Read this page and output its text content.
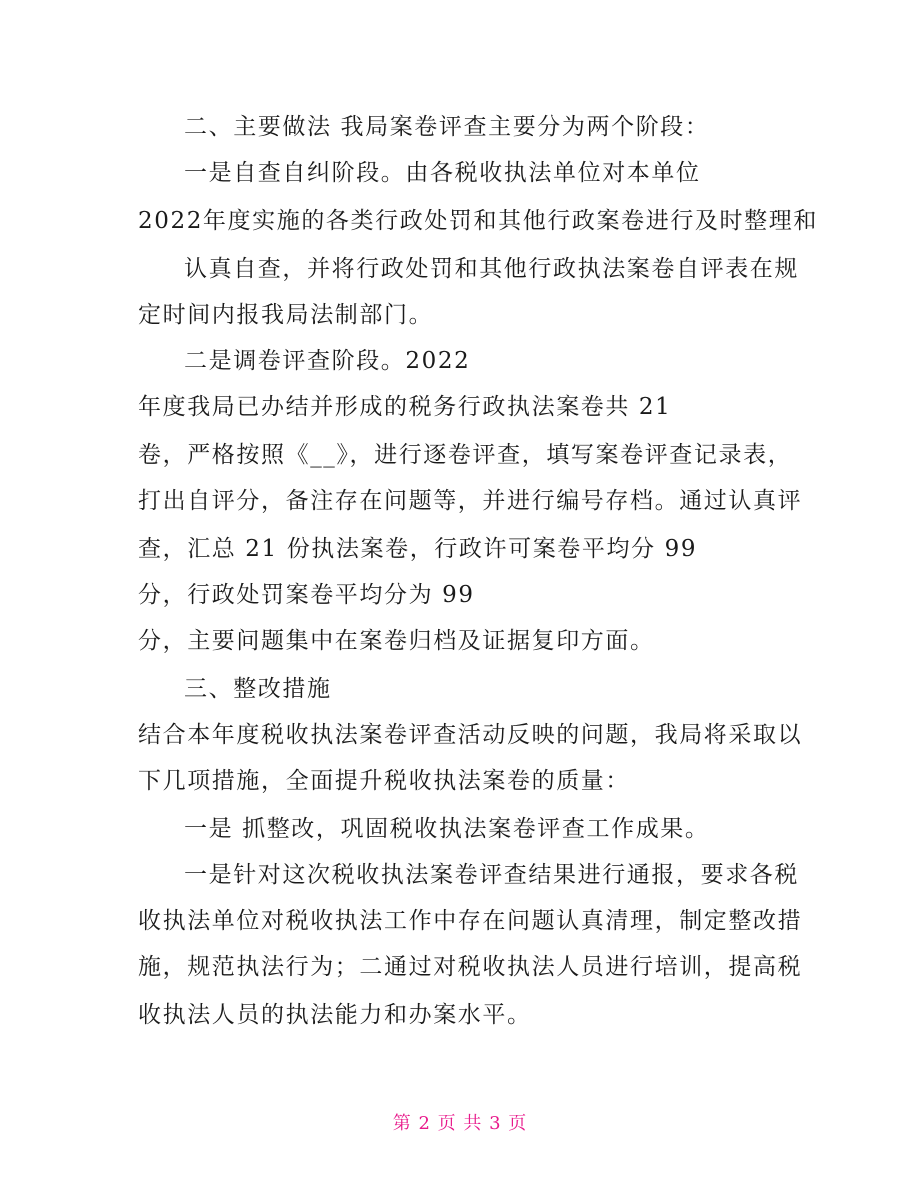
二、主要做法 我局案卷评查主要分为两个阶段：
一是自查自纠阶段。由各税收执法单位对本单位
2022年度实施的各类行政处罚和其他行政案卷进行及时整理和
认真自查，并将行政处罚和其他行政执法案卷自评表在规
定时间内报我局法制部门。
二是调卷评查阶段。2022
年度我局已办结并形成的税务行政执法案卷共 21
卷，严格按照《__》，进行逐卷评查，填写案卷评查记录表，
打出自评分，备注存在问题等，并进行编号存档。通过认真评
查，汇总 21 份执法案卷，行政许可案卷平均分 99
分，行政处罚案卷平均分为 99
分，主要问题集中在案卷归档及证据复印方面。
三、整改措施
结合本年度税收执法案卷评查活动反映的问题，我局将采取以
下几项措施，全面提升税收执法案卷的质量：
一是 抓整改，巩固税收执法案卷评查工作成果。
一是针对这次税收执法案卷评查结果进行通报，要求各税
收执法单位对税收执法工作中存在问题认真清理，制定整改措
施，规范执法行为；二通过对税收执法人员进行培训，提高税
收执法人员的执法能力和办案水平。
第 2 页 共 3 页
